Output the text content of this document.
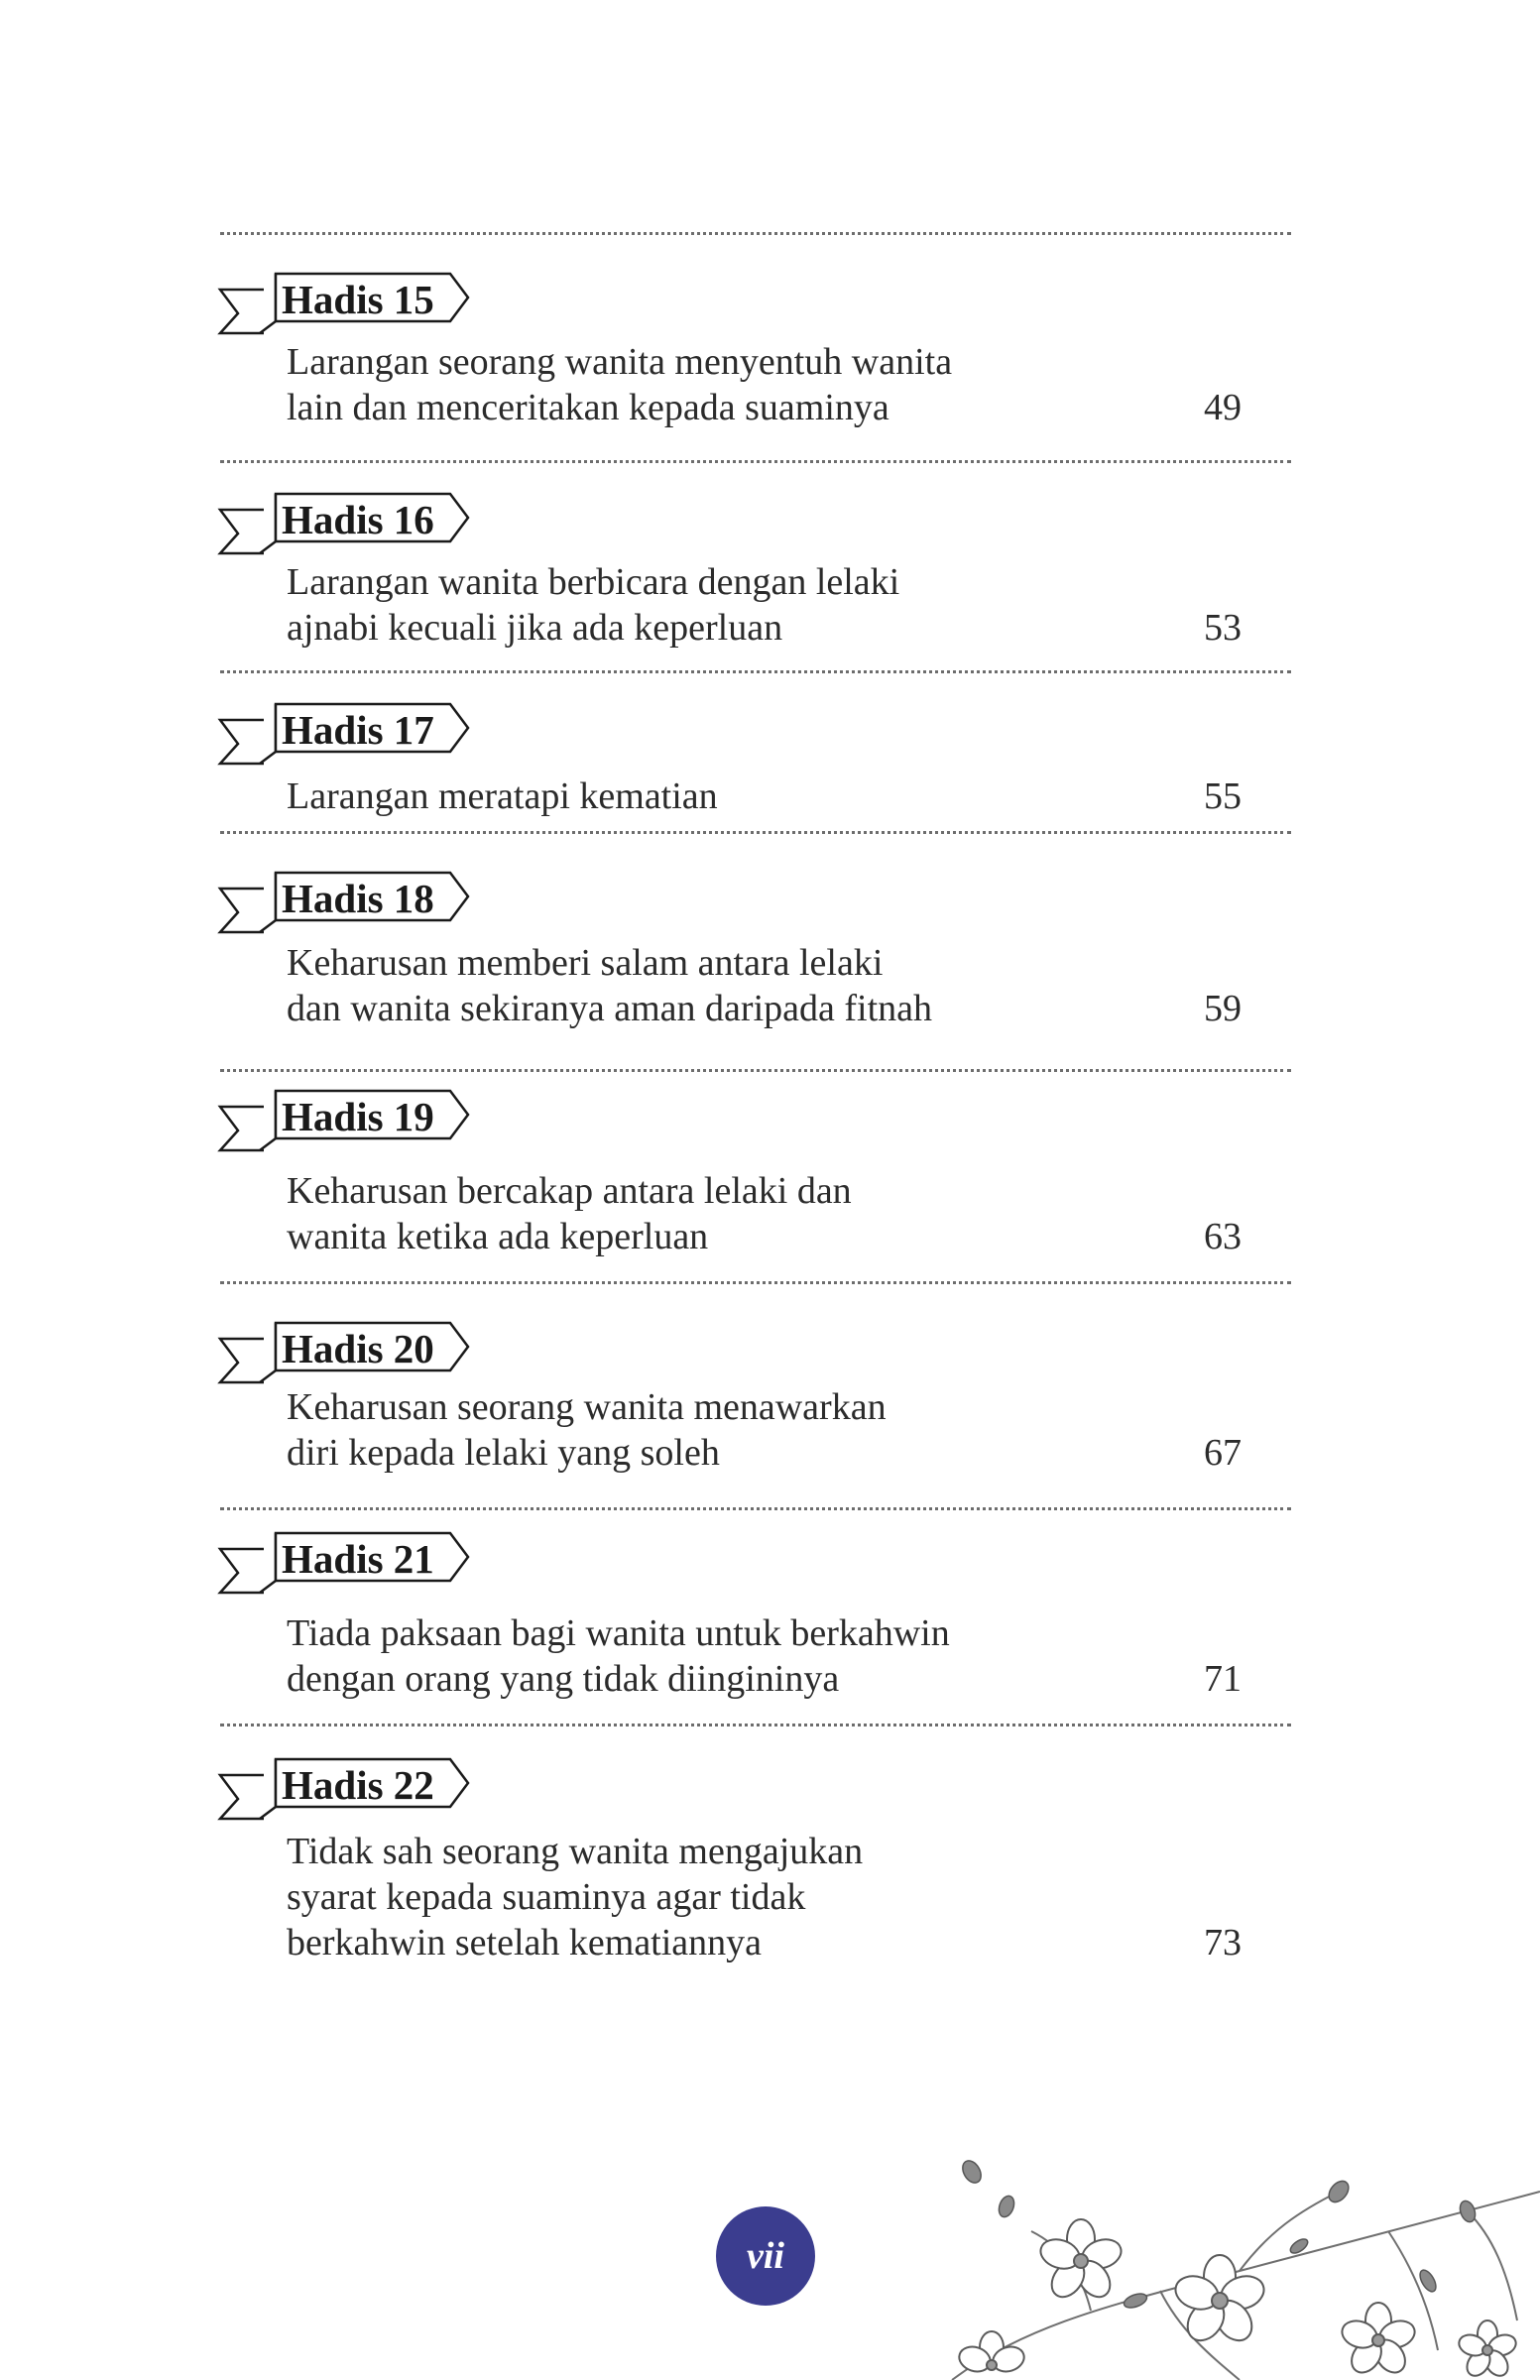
Hadis 15
Larangan seorang wanita menyentuh wanita
lain dan menceritakan kepada suaminya	49
Hadis 16
Larangan wanita berbicara dengan lelaki
ajnabi kecuali jika ada keperluan	53
Hadis 17
Larangan meratapi kematian	55
Hadis 18
Keharusan memberi salam antara lelaki
dan wanita sekiranya aman daripada fitnah	59
Hadis 19
Keharusan bercakap antara lelaki dan
wanita ketika ada keperluan	63
Hadis 20
Keharusan seorang wanita menawarkan
diri kepada lelaki yang soleh	67
Hadis 21
Tiada paksaan bagi wanita untuk berkahwin
dengan orang yang tidak diingininya	71
Hadis 22
Tidak sah seorang wanita mengajukan
syarat kepada suaminya agar tidak
berkahwin setelah kematiannya	73
vii
